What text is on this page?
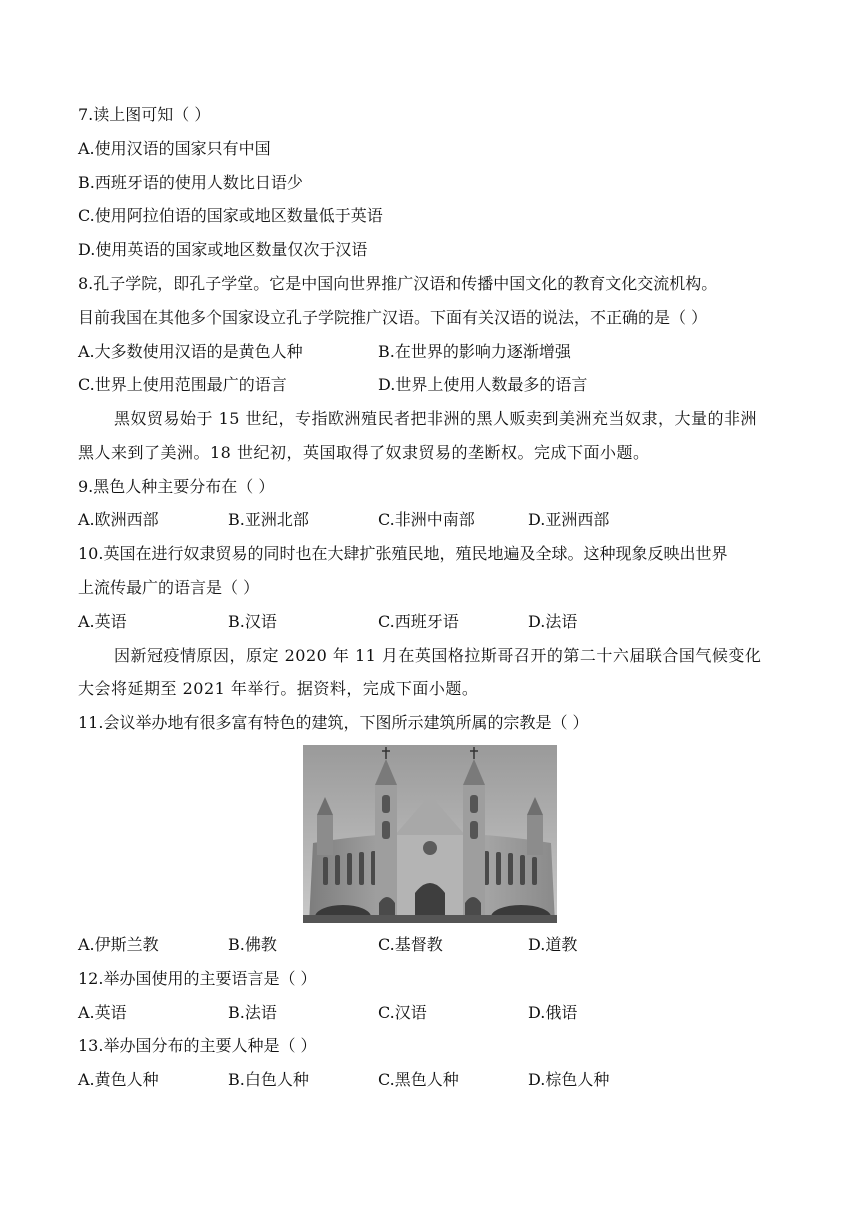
7.读上图可知（ ）
A.使用汉语的国家只有中国
B.西班牙语的使用人数比日语少
C.使用阿拉伯语的国家或地区数量低于英语
D.使用英语的国家或地区数量仅次于汉语
8.孔子学院，即孔子学堂。它是中国向世界推广汉语和传播中国文化的教育文化交流机构。
目前我国在其他多个国家设立孔子学院推广汉语。下面有关汉语的说法，不正确的是（ ）
A.大多数使用汉语的是黄色人种	B.在世界的影响力逐渐增强
C.世界上使用范围最广的语言	D.世界上使用人数最多的语言
黑奴贸易始于 15 世纪，专指欧洲殖民者把非洲的黑人贩卖到美洲充当奴隶，大量的非洲
黑人来到了美洲。18 世纪初，英国取得了奴隶贸易的垄断权。完成下面小题。
9.黑色人种主要分布在（ ）
A.欧洲西部	B.亚洲北部	C.非洲中南部	D.亚洲西部
10.英国在进行奴隶贸易的同时也在大肆扩张殖民地，殖民地遍及全球。这种现象反映出世界
上流传最广的语言是（ ）
A.英语	B.汉语	C.西班牙语	D.法语
因新冠疫情原因，原定 2020 年 11 月在英国格拉斯哥召开的第二十六届联合国气候变化
大会将延期至 2021 年举行。据资料，完成下面小题。
11.会议举办地有很多富有特色的建筑，下图所示建筑所属的宗教是（ ）
A.伊斯兰教	B.佛教	C.基督教	D.道教
12.举办国使用的主要语言是（ ）
A.英语	B.法语	C.汉语	D.俄语
13.举办国分布的主要人种是（ ）
A.黄色人种	B.白色人种	C.黑色人种	D.棕色人种
